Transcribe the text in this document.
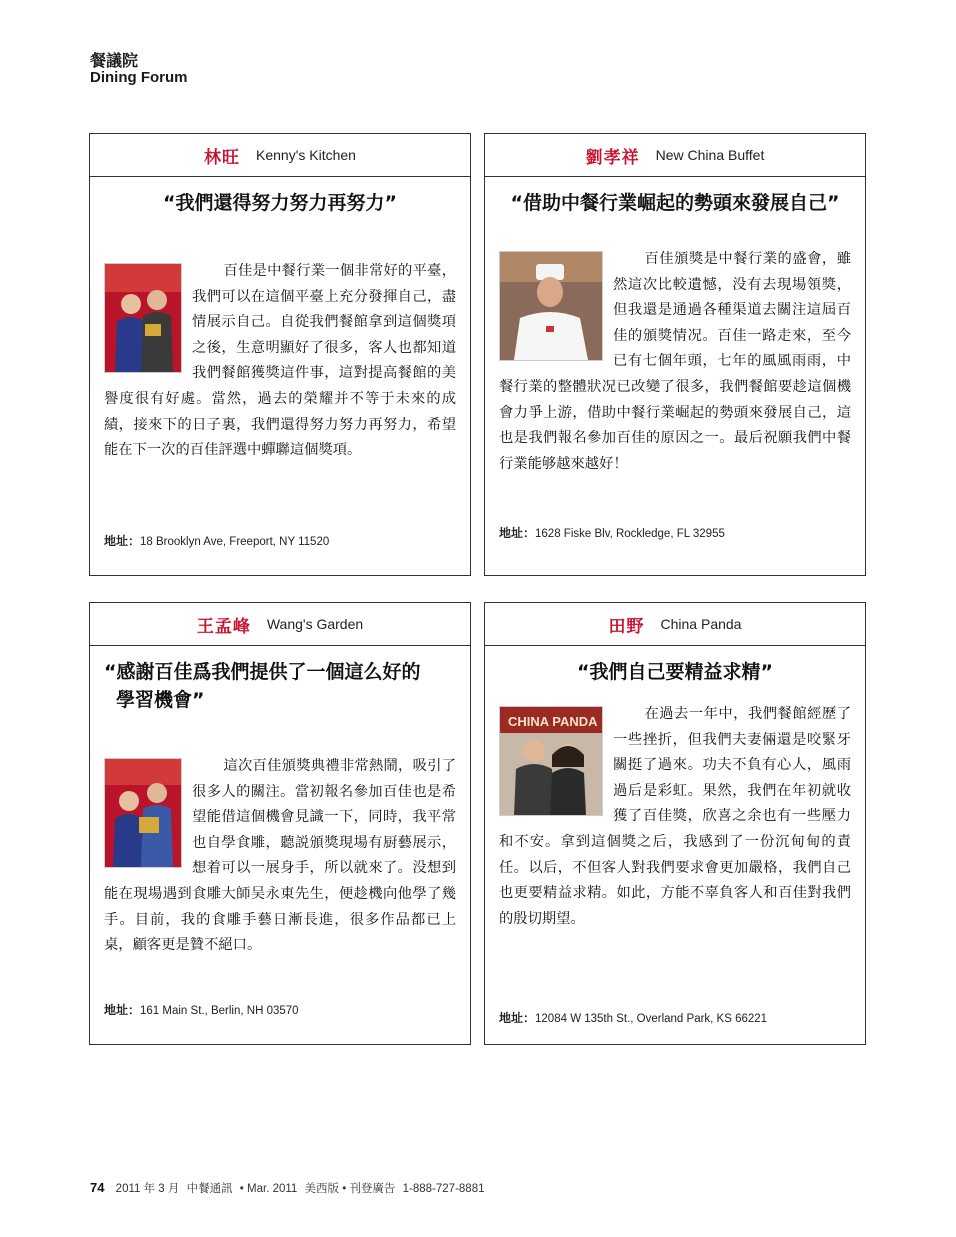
餐議院
Dining Forum
林旺 Kenny's Kitchen
“我們還得努力努力再努力”

百佳是中餐行業一個非常好的平臺，我們可以在這個平臺上充分發揮自己，盡情展示自己。自從我們餐館拿到這個獎項之後，生意明顯好了很多，客人也都知道我們餐館獲獎這件事，這對提高餐館的美譽度很有好處。當然，過去的榮耀并不等于未來的成績，接來下的日子裏，我們還得努力努力再努力，希望能在下一次的百佳評選中蟬聯這個獎項。

地址：18 Brooklyn Ave, Freeport, NY 11520
劉孝祥 New China Buffet
“借助中餐行業崛起的勢頭來發展自己”

百佳頒獎是中餐行業的盛會，雖然這次比較遺憾，没有去現場領獎，但我還是通過各種渠道去關注這屆百佳的頒獎情况。百佳一路走來，至今已有七個年頭，七年的風風雨雨，中餐行業的整體狀况已改變了很多，我們餐館要趁這個機會力爭上游，借助中餐行業崛起的勢頭來發展自己，這也是我們報名參加百佳的原因之一。最后祝願我們中餐行業能够越來越好！

地址：1628 Fiske Blv, Rockledge, FL 32955
王孟峰 Wang's Garden
“感謝百佳爲我們提供了一個這么好的學習機會”

這次百佳頒獎典禮非常熱鬧，吸引了很多人的關注。當初報名參加百佳也是希望能借這個機會見識一下，同時，我平常也自學食雕，聽説頒獎現場有厨藝展示，想着可以一展身手，所以就來了。没想到能在現場遇到食雕大師吴永東先生，便趁機向他學了幾手。目前，我的食雕手藝日漸長進，很多作品都已上桌，顧客更是贊不絕口。

地址：161 Main St., Berlin, NH 03570
田野 China Panda
“我們自己要精益求精”
CHINA PANDA	在過去一年中，我們餐館經歷了一些挫折，但我們夫妻倆還是咬緊牙關挺了過來。功夫不負有心人，風雨過后是彩虹。果然，我們在年初就收獲了百佳獎，欣喜之余也有一些壓力和不安。拿到這個獎之后，我感到了一份沉甸甸的責任。以后，不但客人對我們要求會更加嚴格，我們自己也更要精益求精。如此，方能不辜負客人和百佳對我們的殷切期望。

地址：12084 W 135th St., Overland Park, KS 66221
74 2011 年 3 月 中餐通訊 • Mar. 2011 美西版 • 刊登廣告 1-888-727-8881
